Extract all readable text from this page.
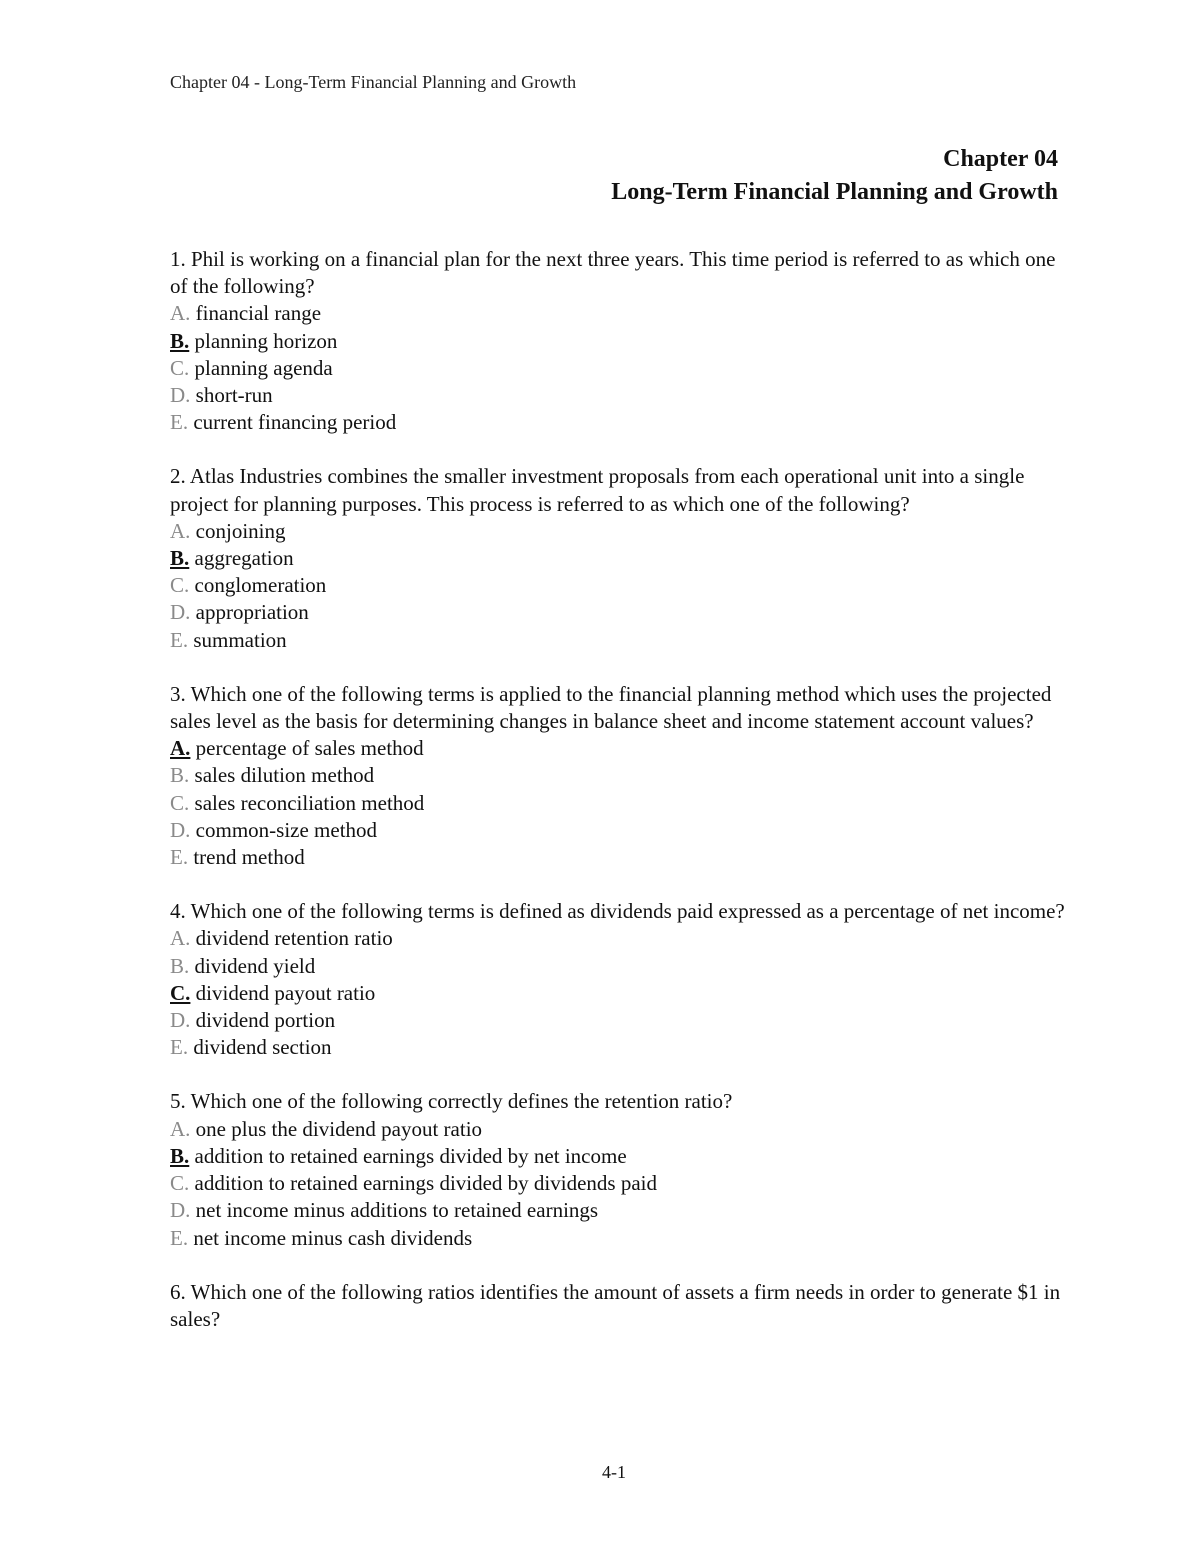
Chapter 04 - Long-Term Financial Planning and Growth
Chapter 04
Long-Term Financial Planning and Growth

1. Phil is working on a financial plan for the next three years. This time period is referred to as which one of the following?

A. financial range
B. planning horizon
C. planning agenda
D. short-run
E. current financing period

2. Atlas Industries combines the smaller investment proposals from each operational unit into a single project for planning purposes. This process is referred to as which one of the following?

A. conjoining
B. aggregation
C. conglomeration
D. appropriation
E. summation

3. Which one of the following terms is applied to the financial planning method which uses the projected sales level as the basis for determining changes in balance sheet and income statement account values?

A. percentage of sales method
B. sales dilution method
C. sales reconciliation method
D. common-size method
E. trend method

4. Which one of the following terms is defined as dividends paid expressed as a percentage of net income?

A. dividend retention ratio
B. dividend yield
C. dividend payout ratio
D. dividend portion
E. dividend section

5. Which one of the following correctly defines the retention ratio?

A. one plus the dividend payout ratio
B. addition to retained earnings divided by net income
C. addition to retained earnings divided by dividends paid
D. net income minus additions to retained earnings
E. net income minus cash dividends

6. Which one of the following ratios identifies the amount of assets a firm needs in order to generate $1 in sales?

4-1
